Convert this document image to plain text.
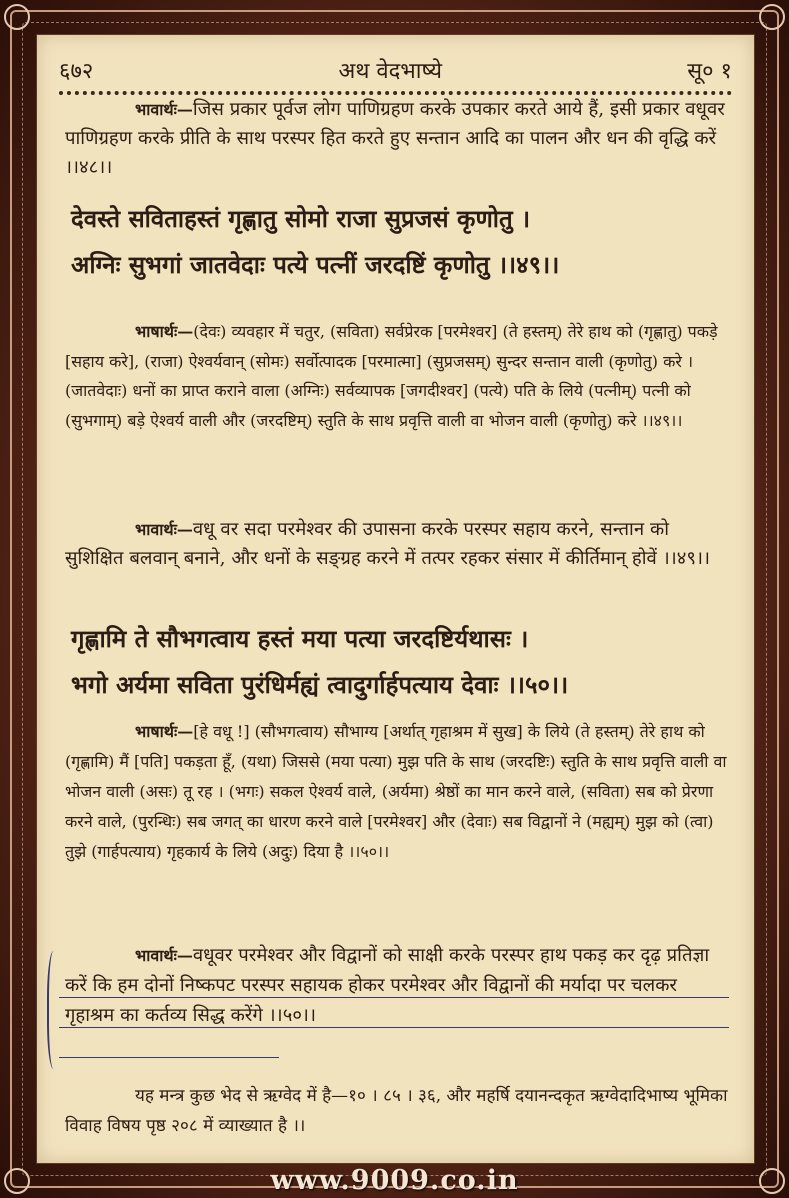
६७२	अथ वेदभाष्ये	सू० १
भावार्थः—जिस प्रकार पूर्वज लोग पाणिग्रहण करके उपकार करते आये हैं, इसी प्रकार वधूवर पाणिग्रहण करके प्रीति के साथ परस्पर हित करते हुए सन्तान आदि का पालन और धन की वृद्धि करें ।।४८।।
देवस्ते सविताहस्तं गृह्णातु सोमो राजा सुप्रजसं कृणोतु ।
अग्निः सुभगां जातवेदाः पत्ये पत्नीं जरदष्टिं कृणोतु ।।४९।।
भाषार्थः—(देवः) व्यवहार में चतुर, (सविता) सर्वप्रेरक [परमेश्वर] (ते हस्तम्) तेरे हाथ को (गृह्णातु) पकड़े [सहाय करे], (राजा) ऐश्वर्यवान् (सोमः) सर्वोत्पादक [परमात्मा] (सुप्रजसम्) सुन्दर सन्तान वाली (कृणोतु) करे । (जातवेदाः) धनों का प्राप्त कराने वाला (अग्निः) सर्वव्यापक [जगदीश्वर] (पत्ये) पति के लिये (पत्नीम्) पत्नी को (सुभगाम्) बड़े ऐश्वर्य वाली और (जरदष्टिम्) स्तुति के साथ प्रवृत्ति वाली वा भोजन वाली (कृणोतु) करे ।।४९।।
भावार्थः—वधू वर सदा परमेश्वर की उपासना करके परस्पर सहाय करने, सन्तान को सुशिक्षित बलवान् बनाने, और धनों के सङ्ग्रह करने में तत्पर रहकर संसार में कीर्तिमान् होवें ।।४९।।
गृह्णामि ते सौभगत्वाय हस्तं मया पत्या जरदष्टिर्यथासः ।
भगो अर्यमा सविता पुरंधिर्मह्यं त्वादुर्गार्हपत्याय देवाः ।।५०।।
भाषार्थः—[हे वधू !] (सौभगत्वाय) सौभाग्य [अर्थात् गृहाश्रम में सुख] के लिये (ते हस्तम्) तेरे हाथ को (गृह्णामि) मैं [पति] पकड़ता हूँ, (यथा) जिससे (मया पत्या) मुझ पति के साथ (जरदष्टिः) स्तुति के साथ प्रवृत्ति वाली वा भोजन वाली (असः) तू रह । (भगः) सकल ऐश्वर्य वाले, (अर्यमा) श्रेष्ठों का मान करने वाले, (सविता) सब को प्रेरणा करने वाले, (पुरन्धिः) सब जगत् का धारण करने वाले [परमेश्वर] और (देवाः) सब विद्वानों ने (मह्यम्) मुझ को (त्वा) तुझे (गार्हपत्याय) गृहकार्य के लिये (अदुः) दिया है ।।५०।।
भावार्थः—वधूवर परमेश्वर और विद्वानों को साक्षी करके परस्पर हाथ पकड़ कर दृढ़ प्रतिज्ञा करें कि हम दोनों निष्कपट परस्पर सहायक होकर परमेश्वर और विद्वानों की मर्यादा पर चलकर गृहाश्रम का कर्तव्य सिद्ध करेंगे ।।५०।।
यह मन्त्र कुछ भेद से ऋग्वेद में है—१० । ८५ । ३६, और महर्षि दयानन्दकृत ऋग्वेदादिभाष्य भूमिका विवाह विषय पृष्ठ २०८ में व्याख्यात है ।।
www.9009.co.in
